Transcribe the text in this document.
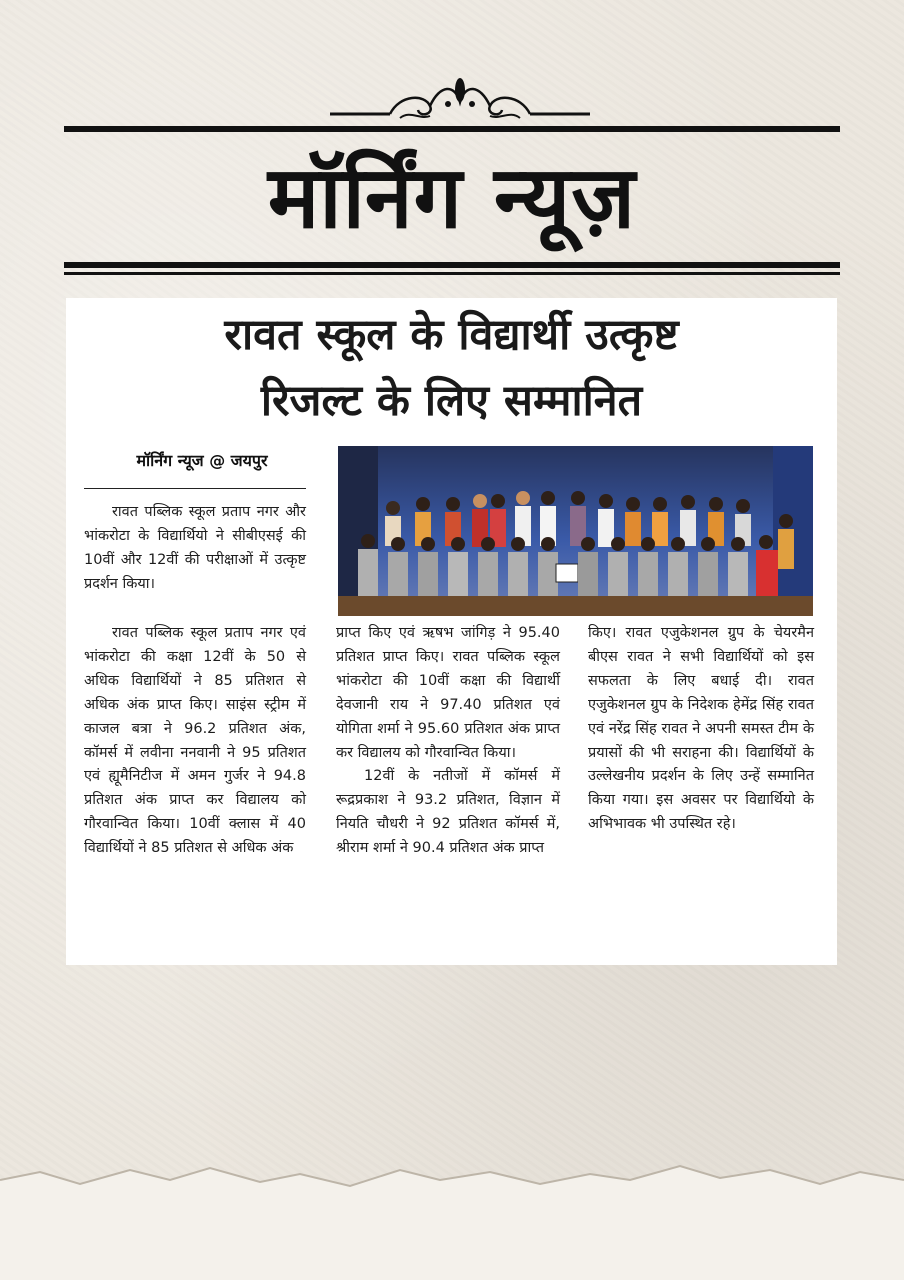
मॉर्निंग न्यूज़
रावत स्कूल के विद्यार्थी उत्कृष्ट
रिजल्ट के लिए सम्मानित
मॉर्निंग न्यूज @ जयपुर

रावत पब्लिक स्कूल प्रताप नगर और भांकरोटा के विद्यार्थियो ने सीबीएसई की 10वीं और 12वीं की परीक्षाओं में उत्कृष्ट प्रदर्शन किया।

रावत पब्लिक स्कूल प्रताप नगर एवं भांकरोटा की कक्षा 12वीं के 50 से अधिक विद्यार्थियों ने 85 प्रतिशत से अधिक अंक प्राप्त किए। साइंस स्ट्रीम में काजल बत्रा ने 96.2 प्रतिशत अंक, कॉमर्स में लवीना ननवानी ने 95 प्रतिशत एवं ह्यूमैनिटीज में अमन गुर्जर ने 94.8 प्रतिशत अंक प्राप्त कर विद्यालय को गौरवान्वित किया। 10वीं क्लास में 40 विद्यार्थियों ने 85 प्रतिशत से अधिक अंक

प्राप्त किए एवं ऋषभ जांगिड़ ने 95.40 प्रतिशत प्राप्त किए। रावत पब्लिक स्कूल भांकरोटा की 10वीं कक्षा की विद्यार्थी देवजानी राय ने 97.40 प्रतिशत एवं योगिता शर्मा ने 95.60 प्रतिशत अंक प्राप्त कर विद्यालय को गौरवान्वित किया।

12वीं के नतीजों में कॉमर्स में रूद्रप्रकाश ने 93.2 प्रतिशत, विज्ञान में नियति चौधरी ने 92 प्रतिशत कॉमर्स में, श्रीराम शर्मा ने 90.4 प्रतिशत अंक प्राप्त

किए। रावत एजुकेशनल ग्रुप के चेयरमैन बीएस रावत ने सभी विद्यार्थियों को इस सफलता के लिए बधाई दी। रावत एजुकेशनल ग्रुप के निदेशक हेमेंद्र सिंह रावत एवं नरेंद्र सिंह रावत ने अपनी समस्त टीम के प्रयासों की भी सराहना की। विद्यार्थियों के उल्लेखनीय प्रदर्शन के लिए उन्हें सम्मानित किया गया। इस अवसर पर विद्यार्थियो के अभिभावक भी उपस्थित रहे।
